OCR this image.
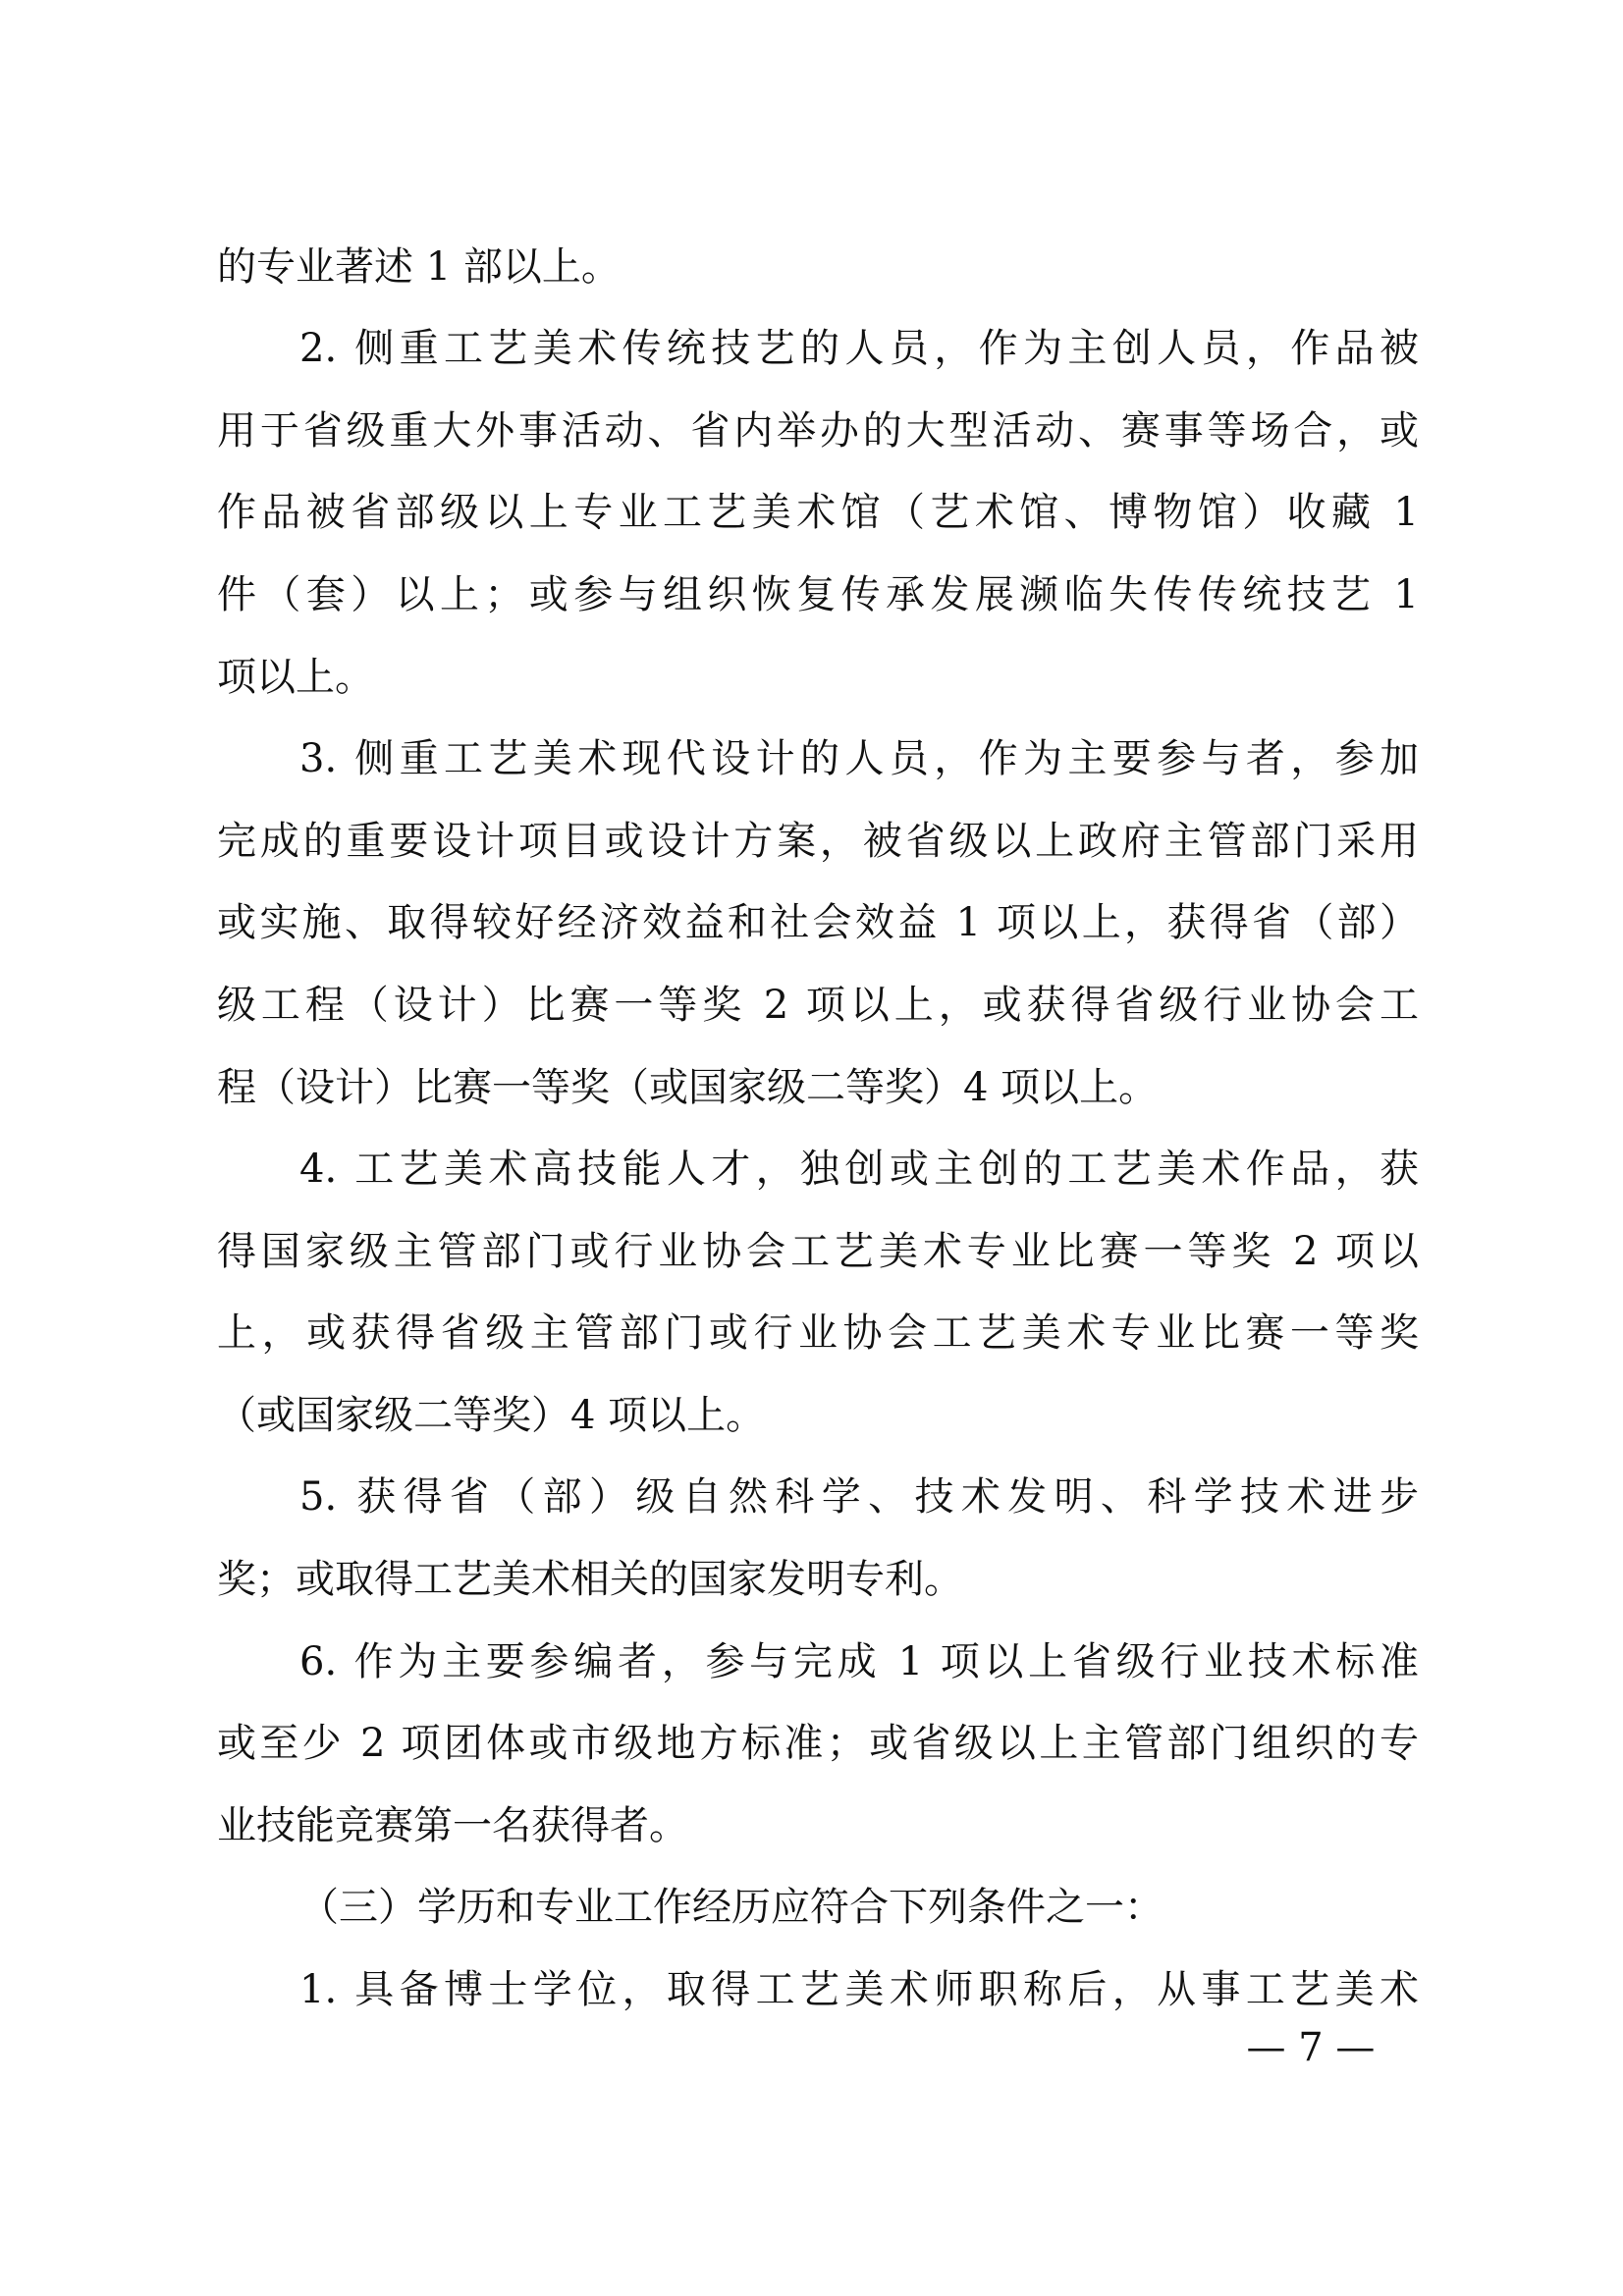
的专业著述 1 部以上。
2. 侧重工艺美术传统技艺的人员，作为主创人员，作品被
用于省级重大外事活动、省内举办的大型活动、赛事等场合，或
作品被省部级以上专业工艺美术馆（艺术馆、博物馆）收藏 1
件（套）以上；或参与组织恢复传承发展濒临失传传统技艺 1
项以上。
3. 侧重工艺美术现代设计的人员，作为主要参与者，参加
完成的重要设计项目或设计方案，被省级以上政府主管部门采用
或实施、取得较好经济效益和社会效益 1 项以上，获得省（部）
级工程（设计）比赛一等奖 2 项以上，或获得省级行业协会工
程（设计）比赛一等奖（或国家级二等奖）4 项以上。
4. 工艺美术高技能人才，独创或主创的工艺美术作品，获
得国家级主管部门或行业协会工艺美术专业比赛一等奖 2 项以
上，或获得省级主管部门或行业协会工艺美术专业比赛一等奖
（或国家级二等奖）4 项以上。
5. 获得省（部）级自然科学、技术发明、科学技术进步
奖；或取得工艺美术相关的国家发明专利。
6. 作为主要参编者，参与完成 1 项以上省级行业技术标准
或至少 2 项团体或市级地方标准；或省级以上主管部门组织的专
业技能竞赛第一名获得者。
（三）学历和专业工作经历应符合下列条件之一：
1. 具备博士学位，取得工艺美术师职称后，从事工艺美术
— 7 —
